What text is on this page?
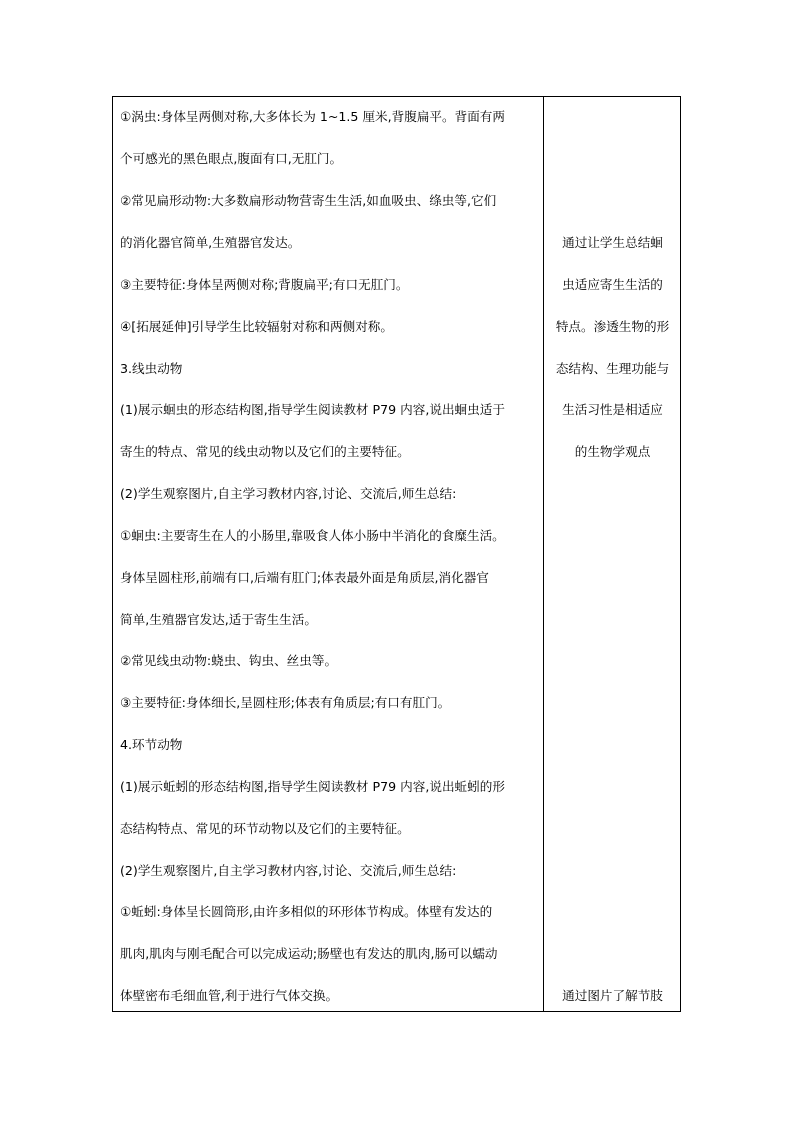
①涡虫:身体呈两侧对称,大多体长为 1~1.5 厘米,背腹扁平。背面有两
个可感光的黑色眼点,腹面有口,无肛门。
②常见扁形动物:大多数扁形动物营寄生生活,如血吸虫、绦虫等,它们
的消化器官简单,生殖器官发达。
③主要特征:身体呈两侧对称;背腹扁平;有口无肛门。
④[拓展延伸]引导学生比较辐射对称和两侧对称。
3.线虫动物
(1)展示蛔虫的形态结构图,指导学生阅读教材 P79 内容,说出蛔虫适于
寄生的特点、常见的线虫动物以及它们的主要特征。
(2)学生观察图片,自主学习教材内容,讨论、交流后,师生总结:
①蛔虫:主要寄生在人的小肠里,靠吸食人体小肠中半消化的食糜生活。
身体呈圆柱形,前端有口,后端有肛门;体表最外面是角质层,消化器官
简单,生殖器官发达,适于寄生生活。
②常见线虫动物:蛲虫、钩虫、丝虫等。
③主要特征:身体细长,呈圆柱形;体表有角质层;有口有肛门。
4.环节动物
(1)展示蚯蚓的形态结构图,指导学生阅读教材 P79 内容,说出蚯蚓的形
态结构特点、常见的环节动物以及它们的主要特征。
(2)学生观察图片,自主学习教材内容,讨论、交流后,师生总结:
①蚯蚓:身体呈长圆筒形,由许多相似的环形体节构成。体壁有发达的
肌肉,肌肉与刚毛配合可以完成运动;肠壁也有发达的肌肉,肠可以蠕动
体壁密布毛细血管,利于进行气体交换。
通过让学生总结蛔
虫适应寄生生活的
特点。渗透生物的形
态结构、生理功能与
生活习性是相适应
的生物学观点
通过图片了解节肢
